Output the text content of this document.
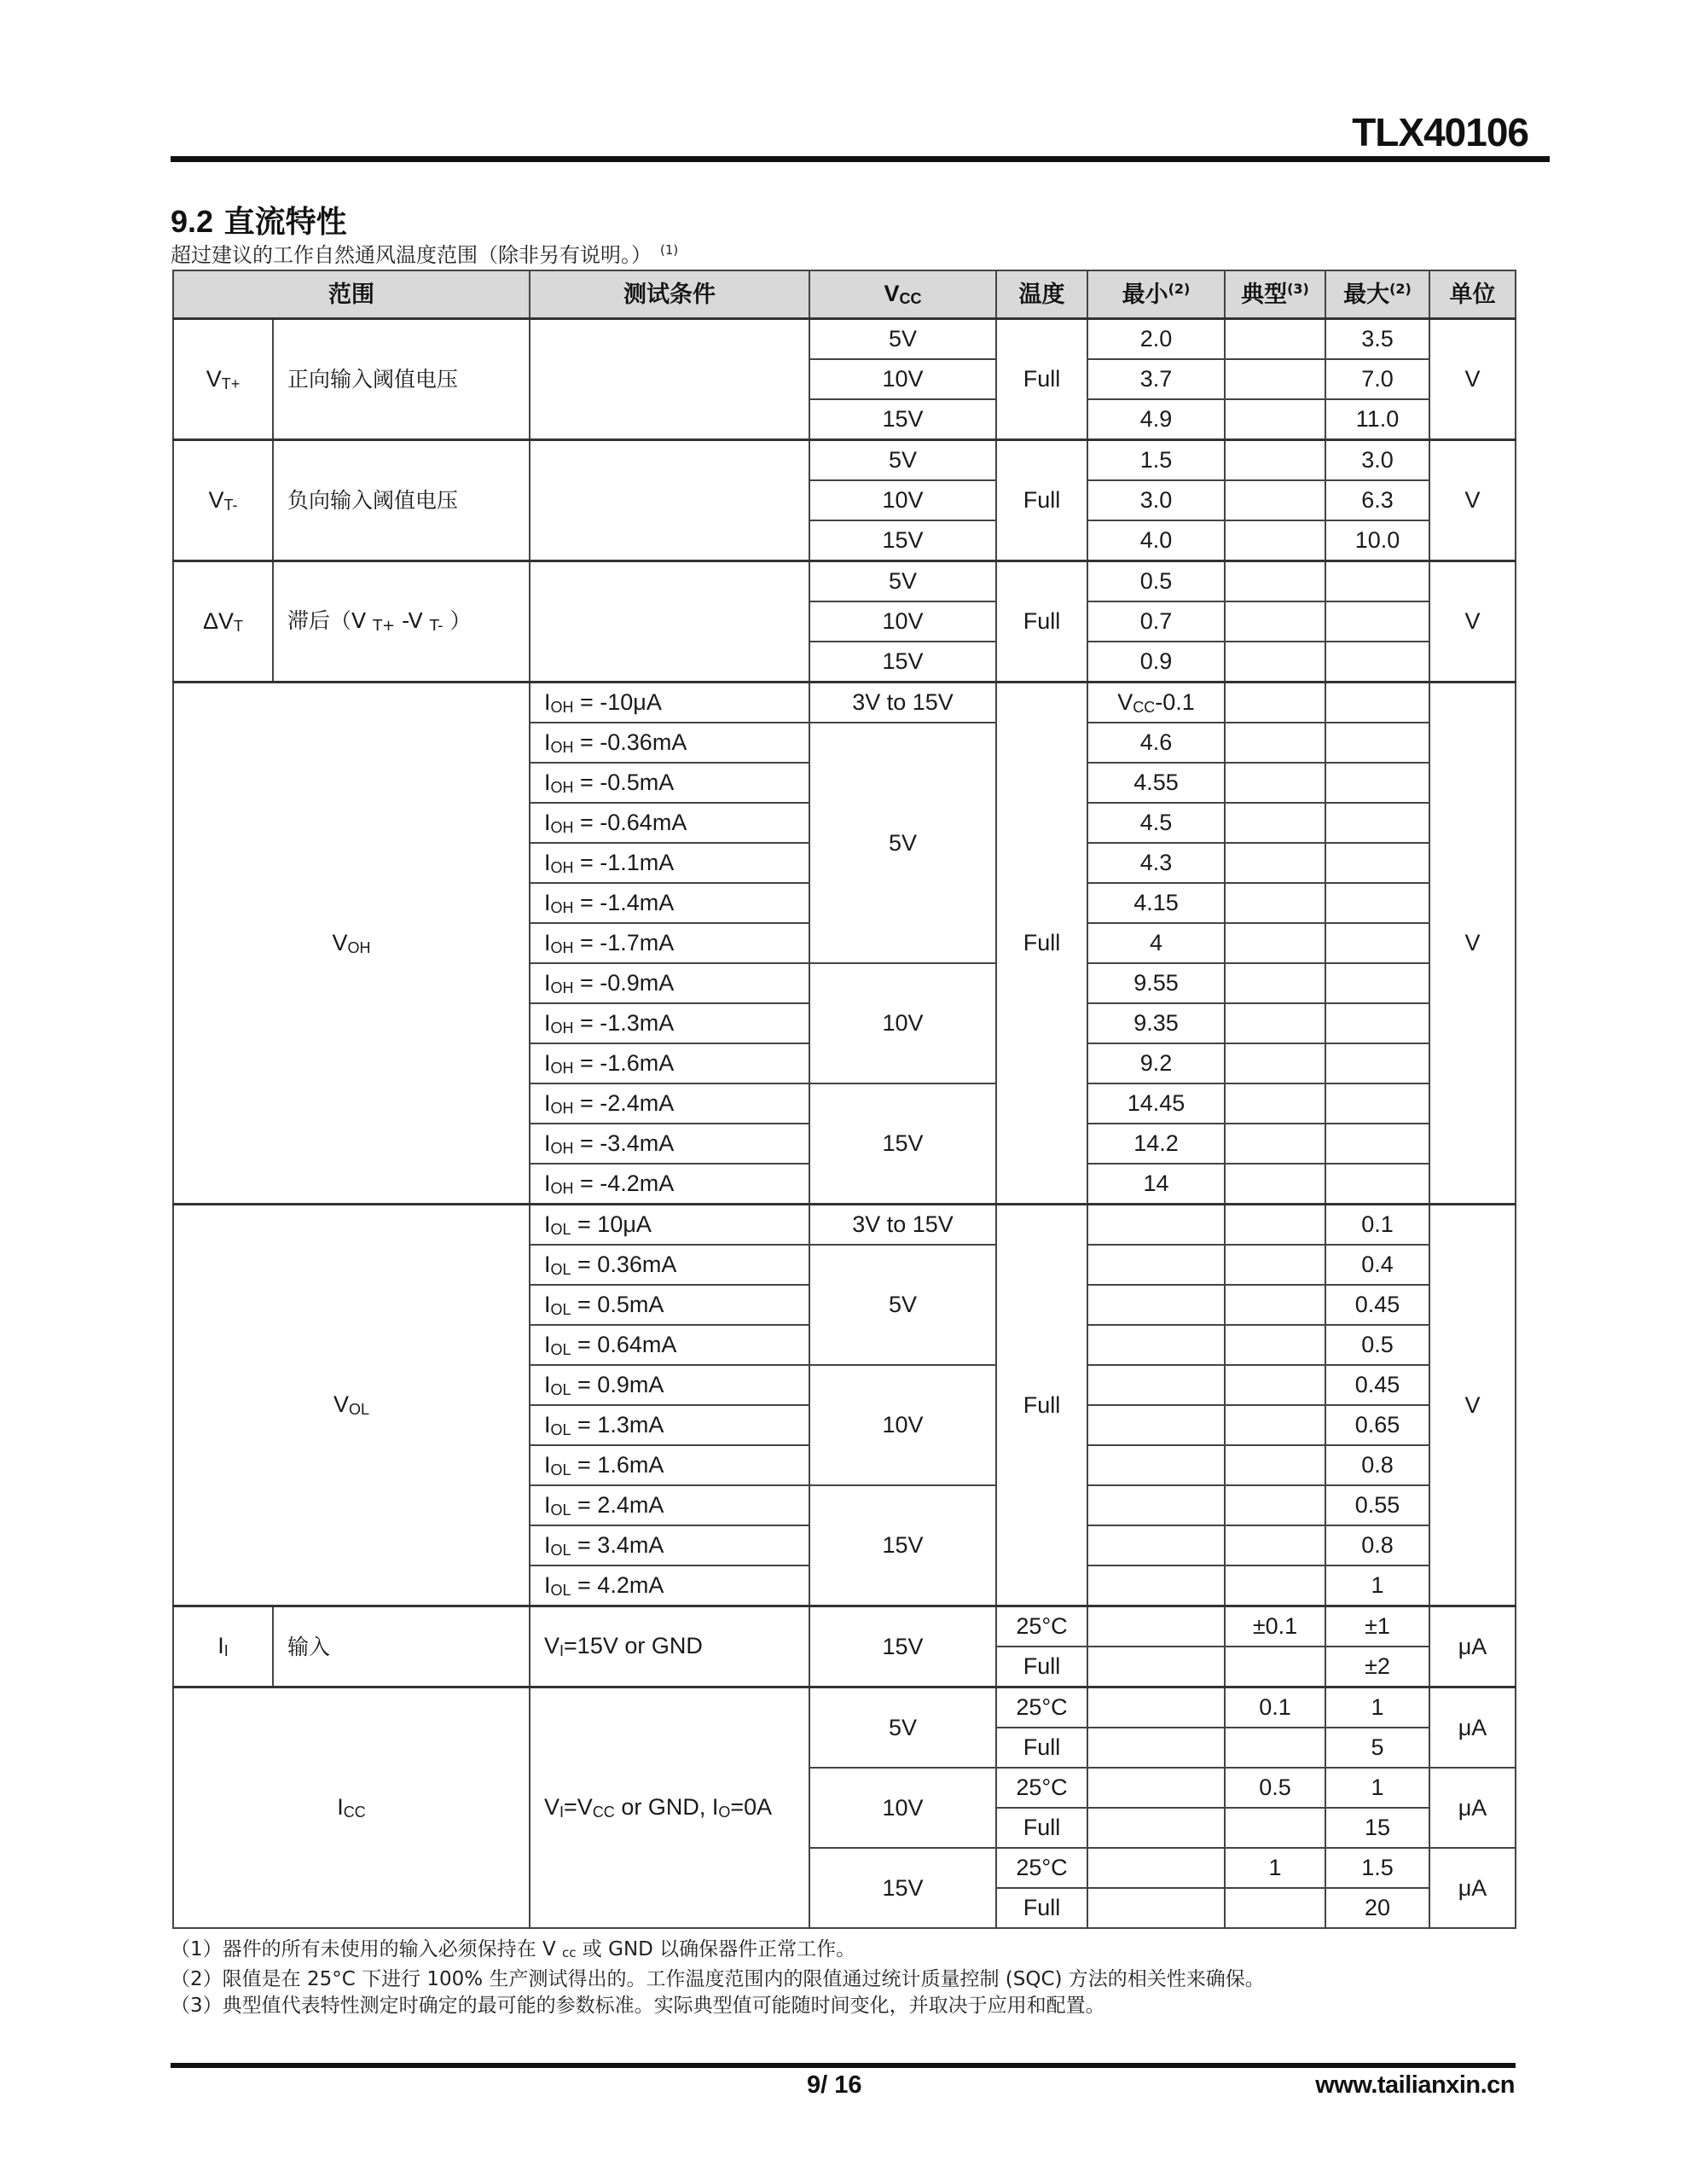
TLX40106
9.2 直流特性
超过建议的工作自然通风温度范围（除非另有说明。） $^{(1)}$
范围		测试条件	VCC	温度	最小$^{(2)}$	典型$^{(3)}$	最大$^{(2)}$	单位
VT+	正向输入阈值电压		5V	Full	2.0		3.5	V
			10V		3.7		7.0	
			15V		4.9		11.0	
VT-	负向输入阈值电压		5V	Full	1.5		3.0	V
			10V		3.0		6.3	
			15V		4.0		10.0	
ΔVT	滞后（V T+ -V T- ）		5V	Full	0.5			V
			10V		0.7			
			15V		0.9			
VOH		IOH = -10μA	3V to 15V	Full	VCC-0.1			V
		IOH = -0.36mA	5V		4.6			
		IOH = -0.5mA			4.55			
		IOH = -0.64mA			4.5			
		IOH = -1.1mA			4.3			
		IOH = -1.4mA			4.15			
		IOH = -1.7mA			4			
		IOH = -0.9mA	10V		9.55			
		IOH = -1.3mA			9.35			
		IOH = -1.6mA			9.2			
		IOH = -2.4mA	15V		14.45			
		IOH = -3.4mA			14.2			
		IOH = -4.2mA			14			
VOL		IOL = 10μA	3V to 15V	Full			0.1	V
		IOL = 0.36mA	5V				0.4	
		IOL = 0.5mA					0.45	
		IOL = 0.64mA					0.5	
		IOL = 0.9mA	10V				0.45	
		IOL = 1.3mA					0.65	
		IOL = 1.6mA					0.8	
		IOL = 2.4mA	15V				0.55	
		IOL = 3.4mA					0.8	
		IOL = 4.2mA					1	
II	输入	VI=15V or GND	15V	25°C		±0.1	±1	μA
				Full			±2	
ICC		VI=VCC or GND, IO=0A	5V	25°C		0.1	1	μA
				Full			5	
			10V	25°C		0.5	1	μA
				Full			15	
			15V	25°C		1	1.5	μA
				Full			20	
（1）器件的所有未使用的输入必须保持在 V cc 或 GND 以确保器件正常工作。
（2）限值是在 25°C 下进行 100% 生产测试得出的。工作温度范围内的限值通过统计质量控制 (SQC) 方法的相关性来确保。
（3）典型值代表特性测定时确定的最可能的参数标准。实际典型值可能随时间变化，并取决于应用和配置。
9/ 16	www.tailianxin.cn
